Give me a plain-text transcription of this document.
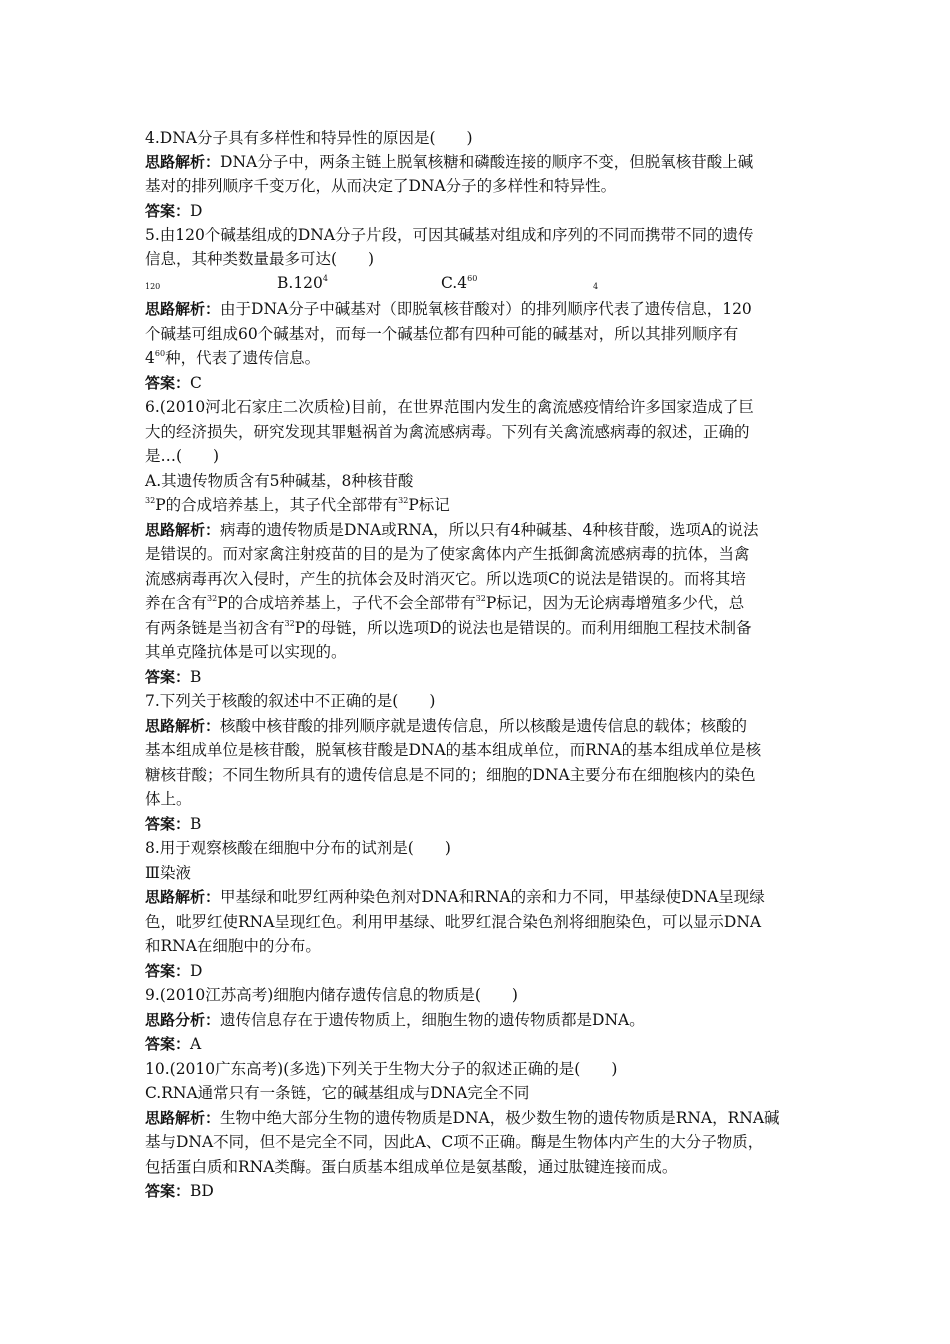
4.DNA分子具有多样性和特异性的原因是(　　)
思路解析：DNA分子中，两条主链上脱氧核糖和磷酸连接的顺序不变，但脱氧核苷酸上碱
基对的排列顺序千变万化，从而决定了DNA分子的多样性和特异性。
答案：D
5.由120个碱基组成的DNA分子片段，可因其碱基对组成和序列的不同而携带不同的遗传
信息，其种类数量最多可达(　　)
120	B.120$^4$	$C.4^{60}$
4
思路解析：由于DNA分子中碱基对（即脱氧核苷酸对）的排列顺序代表了遗传信息，120
个碱基可组成60个碱基对，而每一个碱基位都有四种可能的碱基对，所以其排列顺序有
$4^{60}$种，代表了遗传信息。
答案：C
6.(2010河北石家庄二次质检)目前，在世界范围内发生的禽流感疫情给许多国家造成了巨
大的经济损失，研究发现其罪魁祸首为禽流感病毒。下列有关禽流感病毒的叙述，正确的
是…(　　)
A.其遗传物质含有5种碱基，8种核苷酸
$^{32}$P的合成培养基上，其子代全部带有$^{32}$P标记
思路解析：病毒的遗传物质是DNA或RNA，所以只有4种碱基、4种核苷酸，选项A的说法
是错误的。而对家禽注射疫苗的目的是为了使家禽体内产生抵御禽流感病毒的抗体，当禽
流感病毒再次入侵时，产生的抗体会及时消灭它。所以选项C的说法是错误的。而将其培
养在含有$^{32}$P的合成培养基上，子代不会全部带有$^{32}$P标记，因为无论病毒增殖多少代，总
有两条链是当初含有$^{32}$P的母链，所以选项D的说法也是错误的。而利用细胞工程技术制备
其单克隆抗体是可以实现的。
答案：B
7.下列关于核酸的叙述中不正确的是(　　)
思路解析：核酸中核苷酸的排列顺序就是遗传信息，所以核酸是遗传信息的载体；核酸的
基本组成单位是核苷酸，脱氧核苷酸是DNA的基本组成单位，而RNA的基本组成单位是核
糖核苷酸；不同生物所具有的遗传信息是不同的；细胞的DNA主要分布在细胞核内的染色
体上。
答案：B
8.用于观察核酸在细胞中分布的试剂是(　　)
Ⅲ染液
思路解析：甲基绿和吡罗红两种染色剂对DNA和RNA的亲和力不同，甲基绿使DNA呈现绿
色，吡罗红使RNA呈现红色。利用甲基绿、吡罗红混合染色剂将细胞染色，可以显示DNA
和RNA在细胞中的分布。
答案：D
9.(2010江苏高考)细胞内储存遗传信息的物质是(　　)
思路分析：遗传信息存在于遗传物质上，细胞生物的遗传物质都是DNA。
答案：A
10.(2010广东高考)(多选)下列关于生物大分子的叙述正确的是(　　)
C.RNA通常只有一条链，它的碱基组成与DNA完全不同
思路解析：生物中绝大部分生物的遗传物质是DNA，极少数生物的遗传物质是RNA，RNA碱
基与DNA不同，但不是完全不同，因此A、C项不正确。酶是生物体内产生的大分子物质，
包括蛋白质和RNA类酶。蛋白质基本组成单位是氨基酸，通过肽键连接而成。
答案：BD
